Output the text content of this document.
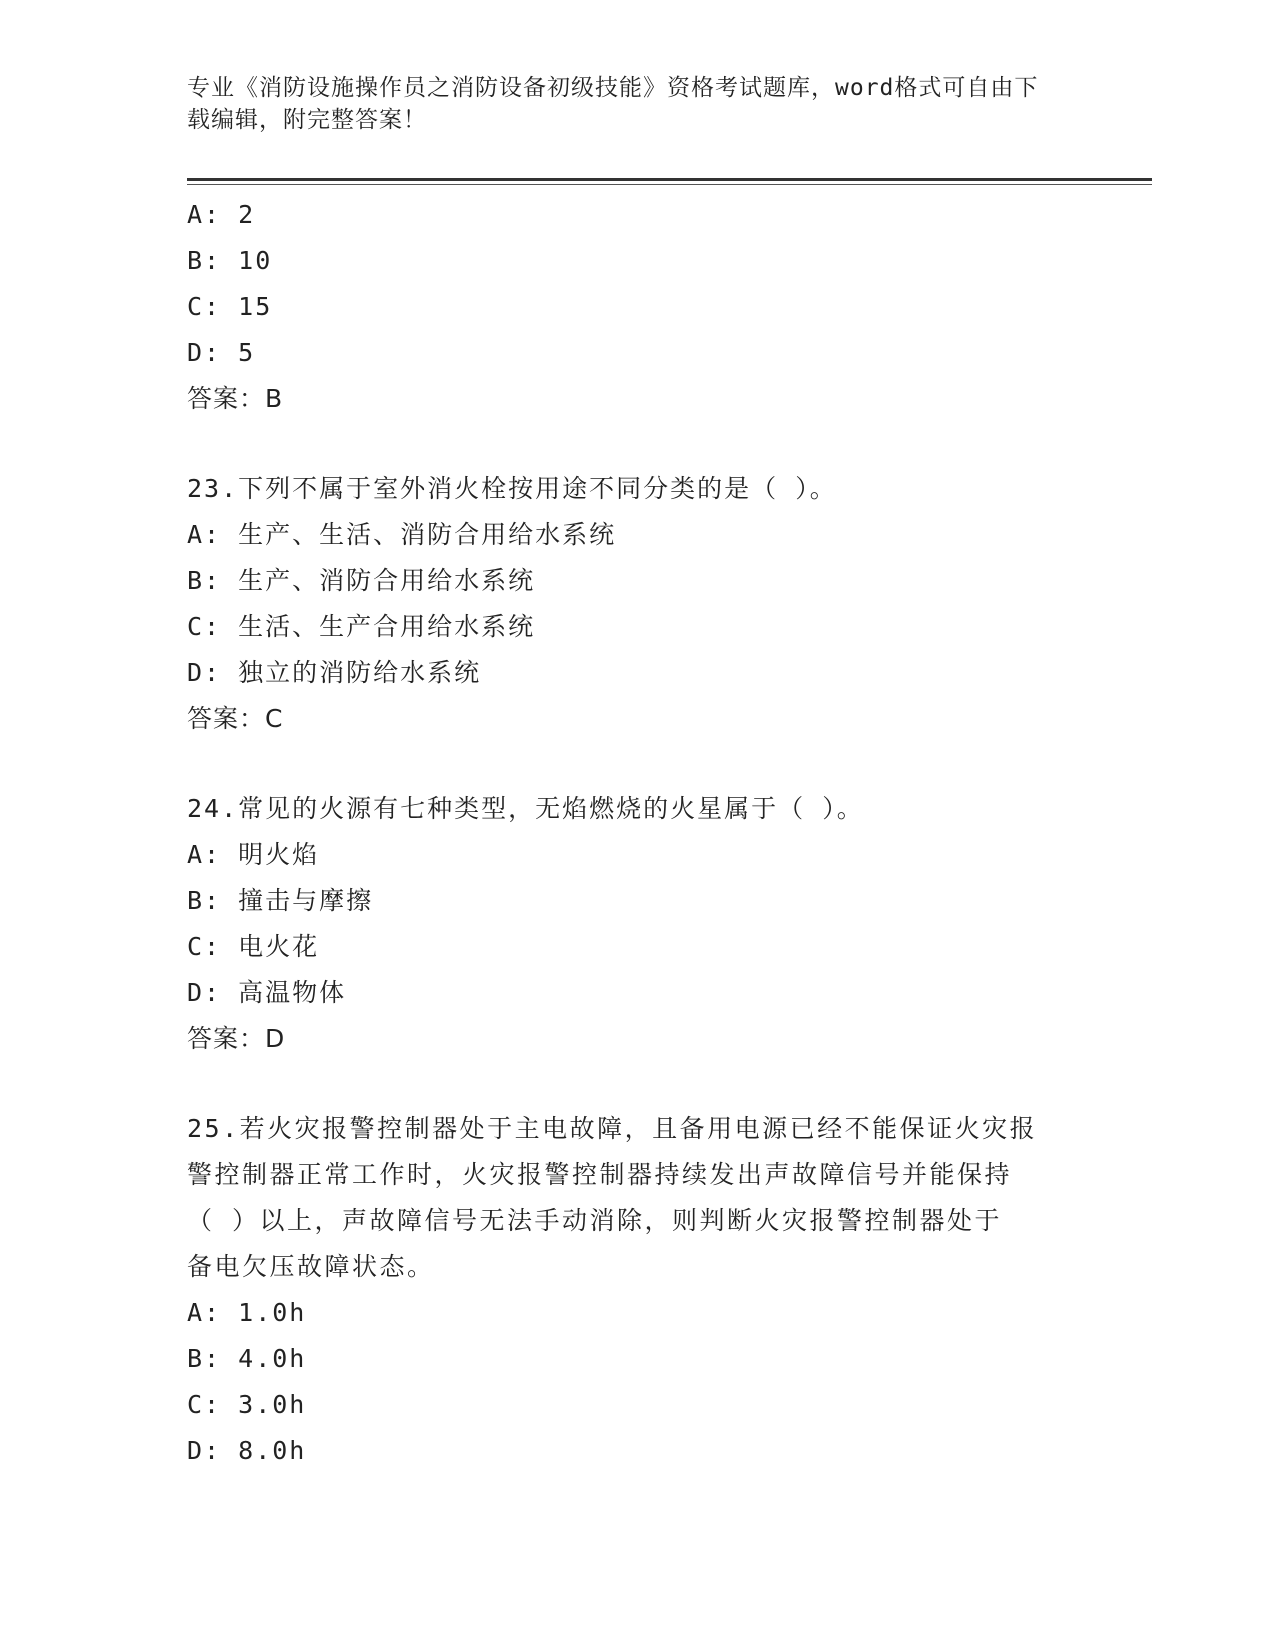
专业《消防设施操作员之消防设备初级技能》资格考试题库，word格式可自由下
载编辑，附完整答案！
A: 2
B: 10
C: 15
D: 5
答案：B
23.下列不属于室外消火栓按用途不同分类的是（ ）。
A: 生产、生活、消防合用给水系统
B: 生产、消防合用给水系统
C: 生活、生产合用给水系统
D: 独立的消防给水系统
答案：C
24.常见的火源有七种类型，无焰燃烧的火星属于（ ）。
A: 明火焰
B: 撞击与摩擦
C: 电火花
D: 高温物体
答案：D
25.若火灾报警控制器处于主电故障，且备用电源已经不能保证火灾报
警控制器正常工作时，火灾报警控制器持续发出声故障信号并能保持
（ ）以上，声故障信号无法手动消除，则判断火灾报警控制器处于
备电欠压故障状态。
A: 1.0h
B: 4.0h
C: 3.0h
D: 8.0h
